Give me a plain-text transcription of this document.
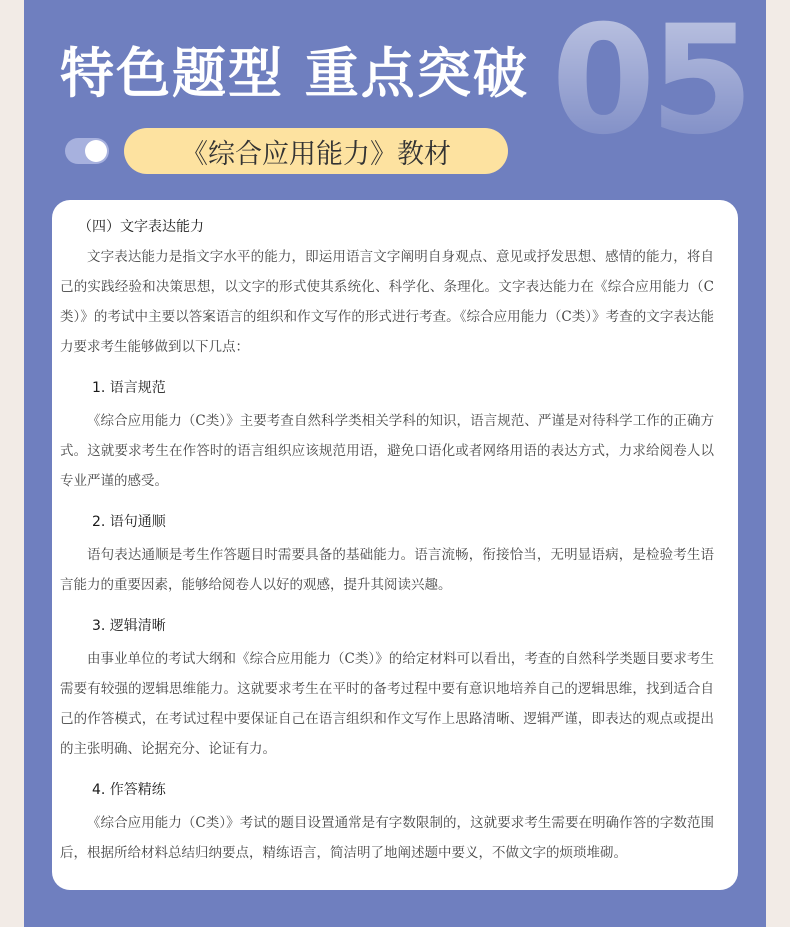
05
特色题型 重点突破
《综合应用能力》教材
（四）文字表达能力

文字表达能力是指文字水平的能力，即运用语言文字阐明自身观点、意见或抒发思想、感情的能力，将自己的实践经验和决策思想，以文字的形式使其系统化、科学化、条理化。文字表达能力在《综合应用能力（C类）》的考试中主要以答案语言的组织和作文写作的形式进行考查。《综合应用能力（C类）》考查的文字表达能力要求考生能够做到以下几点：

1. 语言规范

《综合应用能力（C类）》主要考查自然科学类相关学科的知识，语言规范、严谨是对待科学工作的正确方式。这就要求考生在作答时的语言组织应该规范用语，避免口语化或者网络用语的表达方式，力求给阅卷人以专业严谨的感受。

2. 语句通顺

语句表达通顺是考生作答题目时需要具备的基础能力。语言流畅，衔接恰当，无明显语病，是检验考生语言能力的重要因素，能够给阅卷人以好的观感，提升其阅读兴趣。

3. 逻辑清晰

由事业单位的考试大纲和《综合应用能力（C类）》的给定材料可以看出，考查的自然科学类题目要求考生需要有较强的逻辑思维能力。这就要求考生在平时的备考过程中要有意识地培养自己的逻辑思维，找到适合自己的作答模式，在考试过程中要保证自己在语言组织和作文写作上思路清晰、逻辑严谨，即表达的观点或提出的主张明确、论据充分、论证有力。

4. 作答精练

《综合应用能力（C类）》考试的题目设置通常是有字数限制的，这就要求考生需要在明确作答的字数范围后，根据所给材料总结归纳要点，精练语言，简洁明了地阐述题中要义，不做文字的烦琐堆砌。
